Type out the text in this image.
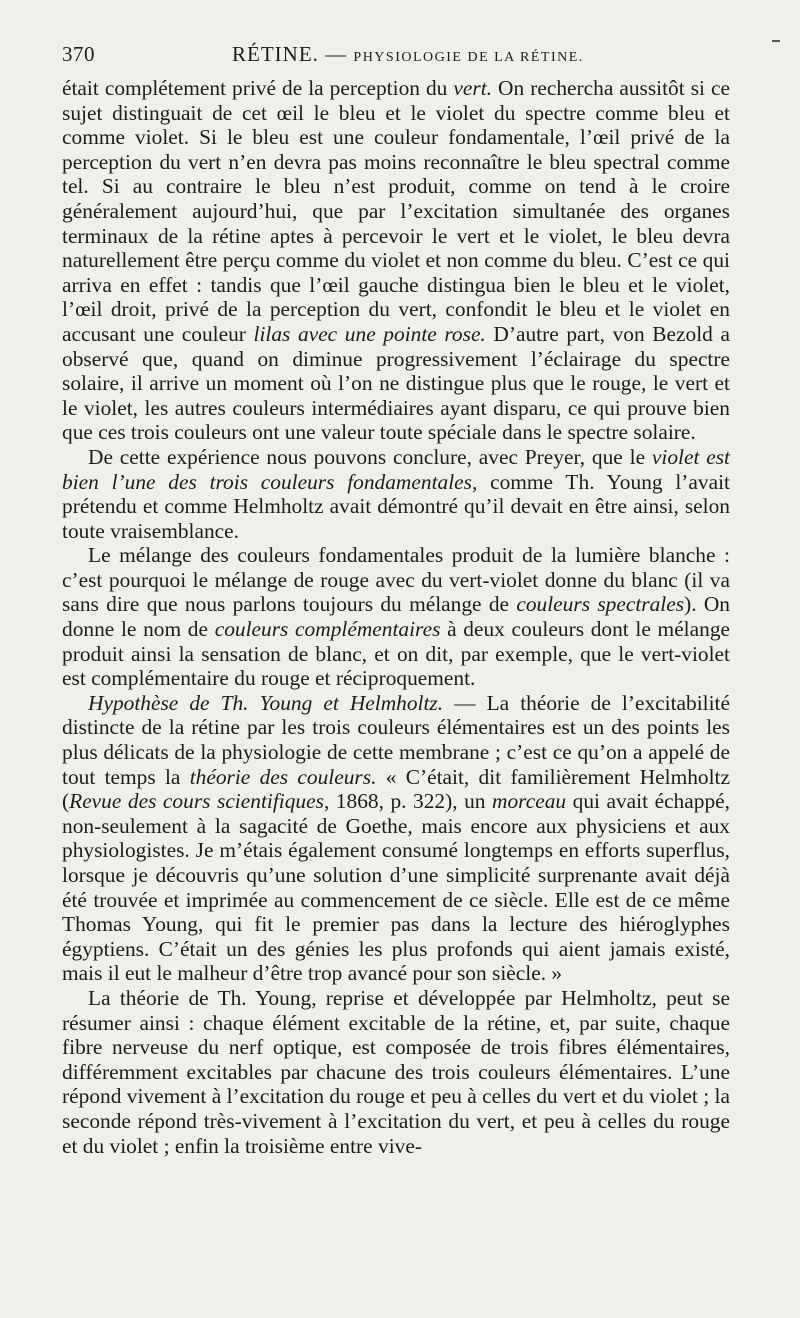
370	RÉTINE. — PHYSIOLOGIE DE LA RÉTINE.

était complétement privé de la perception du vert. On rechercha aussitôt si ce sujet distinguait de cet œil le bleu et le violet du spectre comme bleu et comme violet. Si le bleu est une couleur fondamentale, l’œil privé de la perception du vert n’en devra pas moins reconnaître le bleu spectral comme tel. Si au contraire le bleu n’est produit, comme on tend à le croire généralement aujourd’hui, que par l’excitation simultanée des organes terminaux de la rétine aptes à percevoir le vert et le violet, le bleu devra naturellement être perçu comme du violet et non comme du bleu. C’est ce qui arriva en effet : tandis que l’œil gauche distingua bien le bleu et le violet, l’œil droit, privé de la perception du vert, confondit le bleu et le violet en accusant une couleur lilas avec une pointe rose. D’autre part, von Bezold a observé que, quand on diminue progressivement l’éclairage du spectre solaire, il arrive un moment où l’on ne distingue plus que le rouge, le vert et le violet, les autres couleurs intermédiaires ayant disparu, ce qui prouve bien que ces trois couleurs ont une valeur toute spéciale dans le spectre solaire.

De cette expérience nous pouvons conclure, avec Preyer, que le violet est bien l’une des trois couleurs fondamentales, comme Th. Young l’avait prétendu et comme Helmholtz avait démontré qu’il devait en être ainsi, selon toute vraisemblance.

Le mélange des couleurs fondamentales produit de la lumière blanche : c’est pourquoi le mélange de rouge avec du vert-violet donne du blanc (il va sans dire que nous parlons toujours du mélange de couleurs spectrales). On donne le nom de couleurs complémentaires à deux couleurs dont le mélange produit ainsi la sensation de blanc, et on dit, par exemple, que le vert-violet est complémentaire du rouge et réciproquement.

Hypothèse de Th. Young et Helmholtz. — La théorie de l’excitabilité distincte de la rétine par les trois couleurs élémentaires est un des points les plus délicats de la physiologie de cette membrane ; c’est ce qu’on a appelé de tout temps la théorie des couleurs. « C’était, dit familièrement Helmholtz (Revue des cours scientifiques, 1868, p. 322), un morceau qui avait échappé, non-seulement à la sagacité de Goethe, mais encore aux physiciens et aux physiologistes. Je m’étais également consumé longtemps en efforts superflus, lorsque je découvris qu’une solution d’une simplicité surprenante avait déjà été trouvée et imprimée au commencement de ce siècle. Elle est de ce même Thomas Young, qui fit le premier pas dans la lecture des hiéroglyphes égyptiens. C’était un des génies les plus profonds qui aient jamais existé, mais il eut le malheur d’être trop avancé pour son siècle. »

La théorie de Th. Young, reprise et développée par Helmholtz, peut se résumer ainsi : chaque élément excitable de la rétine, et, par suite, chaque fibre nerveuse du nerf optique, est composée de trois fibres élémentaires, différemment excitables par chacune des trois couleurs élémentaires. L’une répond vivement à l’excitation du rouge et peu à celles du vert et du violet ; la seconde répond très-vivement à l’excitation du vert, et peu à celles du rouge et du violet ; enfin la troisième entre vive-
